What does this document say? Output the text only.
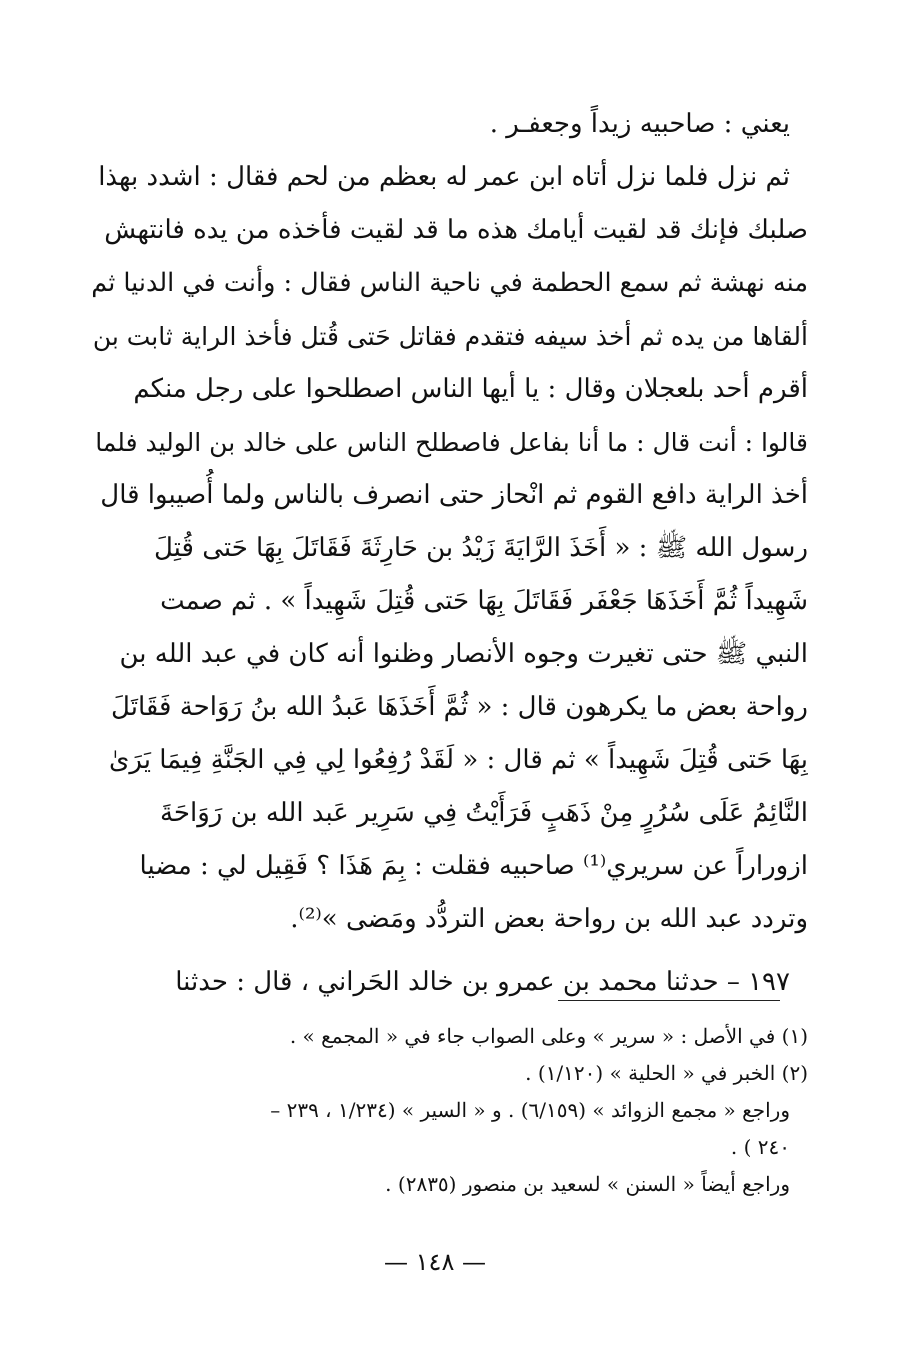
يعني : صاحبيه زيداً وجعفـر .
ثم نزل فلما نزل أتاه ابن عمر له بعظم من لحم فقال : اشدد بهذا
صلبك فإنك قد لقيت أيامك هذه ما قد لقيت فأخذه من يده فانتهش
منه نهشة ثم سمع الحطمة في ناحية الناس فقال : وأنت في الدنيا ثم
ألقاها من يده ثم أخذ سيفه فتقدم فقاتل حَتى قُتل فأخذ الراية ثابت بن
أقرم أحد بلعجلان وقال : يا أيها الناس اصطلحوا على رجل منكم
قالوا : أنت قال : ما أنا بفاعل فاصطلح الناس على خالد بن الوليد فلما
أخذ الراية دافع القوم ثم انْحاز حتى انصرف بالناس ولما أُصيبوا قال
رسول الله ﷺ : « أَخَذَ الرَّايَةَ زَيْدُ بن حَارِثَةَ فَقَاتَلَ بِهَا حَتى قُتِلَ
شَهِيداً ثُمَّ أَخَذَهَا جَعْفَر فَقَاتَلَ بِهَا حَتى قُتِلَ شَهِيداً » . ثم صمت
النبي ﷺ حتى تغيرت وجوه الأنصار وظنوا أنه كان في عبد الله بن
رواحة بعض ما يكرهون قال : « ثُمَّ أَخَذَهَا عَبدُ الله بنُ رَوَاحة فَقَاتَلَ
بِهَا حَتى قُتِلَ شَهِيداً » ثم قال : « لَقَدْ رُفِعُوا لِي فِي الجَنَّةِ فِيمَا يَرَىٰ
النَّائِمُ عَلَى سُرُرٍ مِنْ ذَهَبٍ فَرَأَيْتُ فِي سَرِير عَبد الله بن رَوَاحَةَ
ازوراراً عن سريري⁽¹⁾ صاحبيه فقلت : بِمَ هَذَا ؟ فَقِيل لي : مضيا
وتردد عبد الله بن رواحة بعض التردُّد ومَضى »⁽²⁾.
١٩٧ – حدثنا محمد بن عمرو بن خالد الحَراني ، قال : حدثنا
(١) في الأصل : « سرير » وعلى الصواب جاء في « المجمع » .
(٢) الخبر في « الحلية » (١/١٢٠) .
وراجع « مجمع الزوائد » (٦/١٥٩) . و « السير » (١/٢٣٤ ، ٢٣٩ –
٢٤٠ ) .
وراجع أيضاً « السنن » لسعيد بن منصور (٢٨٣٥) .
— ١٤٨ —
